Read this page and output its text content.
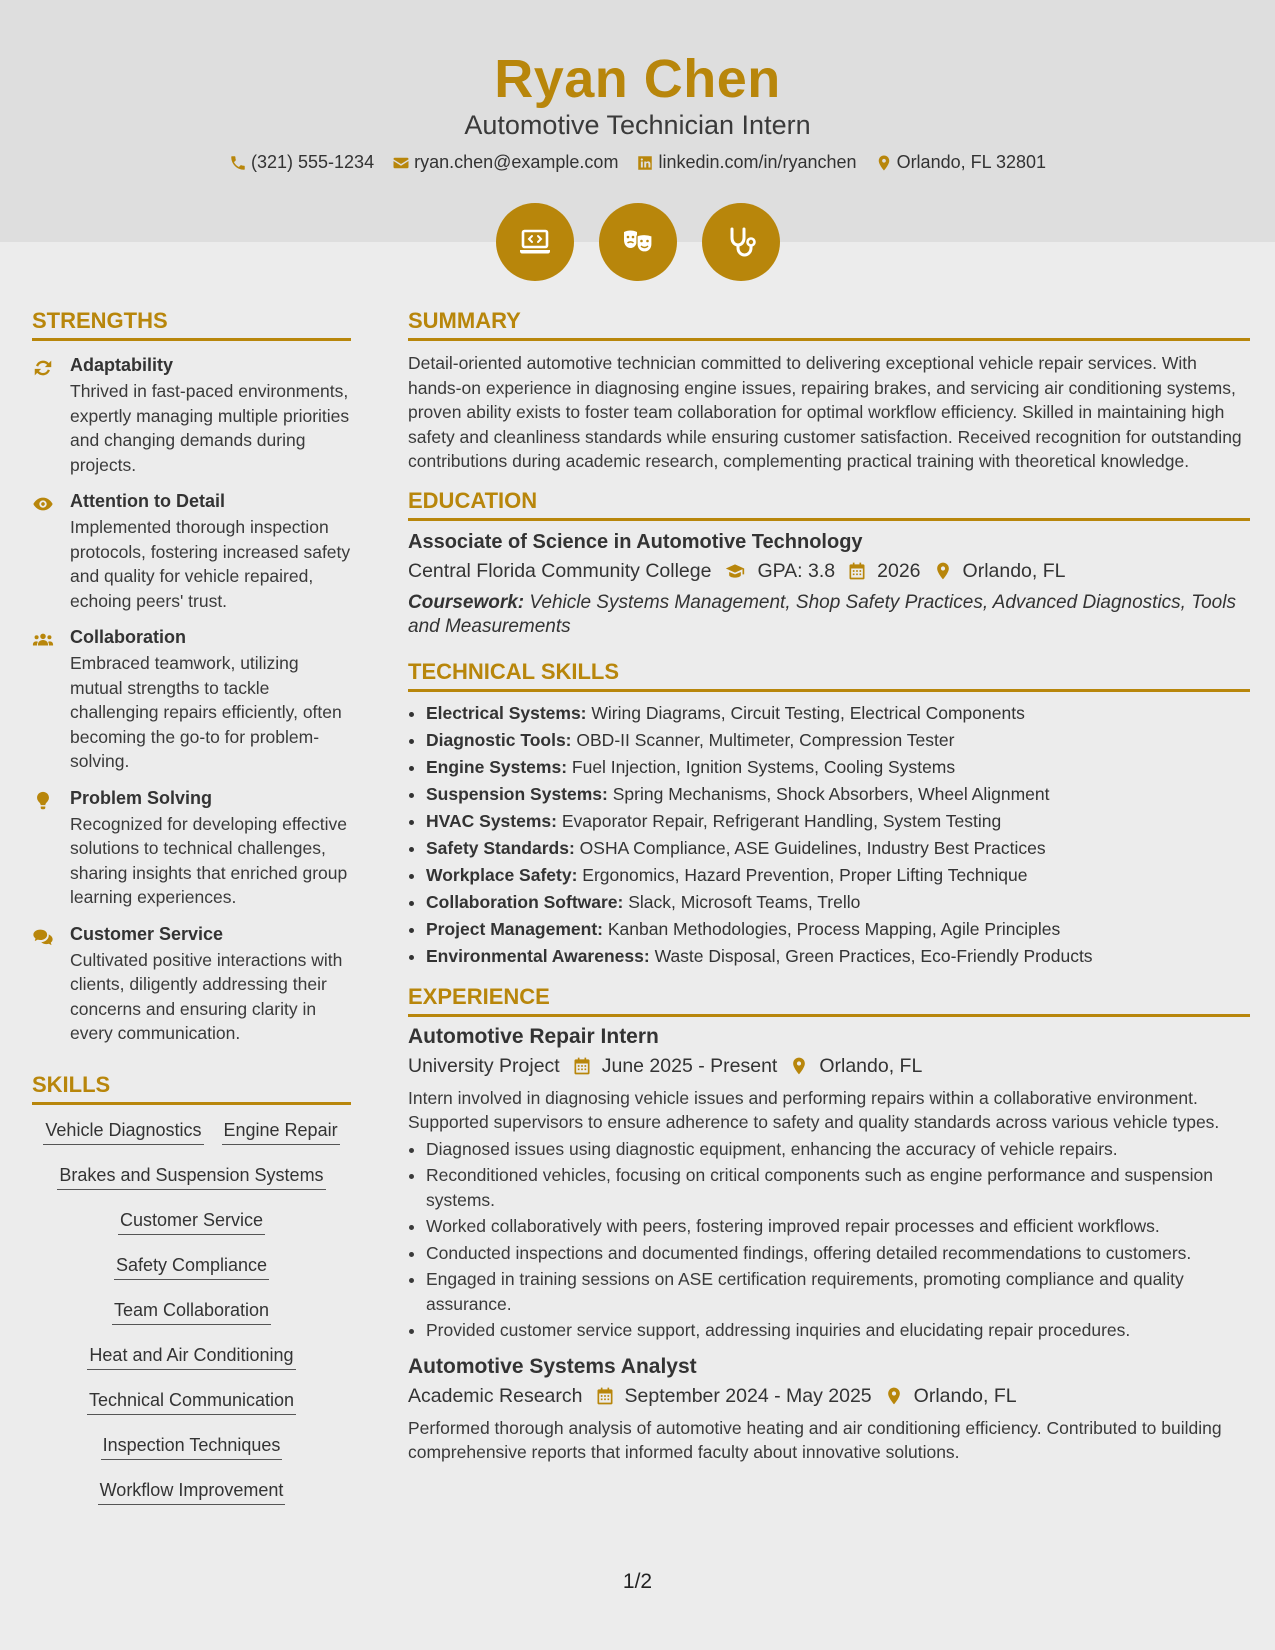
Ryan Chen
Automotive Technician Intern
(321) 555-1234 ryan.chen@example.com linkedin.com/in/ryanchen Orlando, FL 32801
STRENGTHS
Adaptability
Thrived in fast-paced environments, expertly managing multiple priorities and changing demands during projects.
Attention to Detail
Implemented thorough inspection protocols, fostering increased safety and quality for vehicle repaired, echoing peers' trust.
Collaboration
Embraced teamwork, utilizing mutual strengths to tackle challenging repairs efficiently, often becoming the go-to for problem-solving.
Problem Solving
Recognized for developing effective solutions to technical challenges, sharing insights that enriched group learning experiences.
Customer Service
Cultivated positive interactions with clients, diligently addressing their concerns and ensuring clarity in every communication.
SKILLS
Vehicle Diagnostics Engine Repair
Brakes and Suspension Systems
Customer Service
Safety Compliance
Team Collaboration
Heat and Air Conditioning
Technical Communication
Inspection Techniques
Workflow Improvement
SUMMARY
Detail-oriented automotive technician committed to delivering exceptional vehicle repair services. With hands-on experience in diagnosing engine issues, repairing brakes, and servicing air conditioning systems, proven ability exists to foster team collaboration for optimal workflow efficiency. Skilled in maintaining high safety and cleanliness standards while ensuring customer satisfaction. Received recognition for outstanding contributions during academic research, complementing practical training with theoretical knowledge.
EDUCATION
Associate of Science in Automotive Technology
Central Florida Community College GPA: 3.8 2026 Orlando, FL
Coursework: Vehicle Systems Management, Shop Safety Practices, Advanced Diagnostics, Tools and Measurements
TECHNICAL SKILLS
• Electrical Systems: Wiring Diagrams, Circuit Testing, Electrical Components
• Diagnostic Tools: OBD-II Scanner, Multimeter, Compression Tester
• Engine Systems: Fuel Injection, Ignition Systems, Cooling Systems
• Suspension Systems: Spring Mechanisms, Shock Absorbers, Wheel Alignment
• HVAC Systems: Evaporator Repair, Refrigerant Handling, System Testing
• Safety Standards: OSHA Compliance, ASE Guidelines, Industry Best Practices
• Workplace Safety: Ergonomics, Hazard Prevention, Proper Lifting Technique
• Collaboration Software: Slack, Microsoft Teams, Trello
• Project Management: Kanban Methodologies, Process Mapping, Agile Principles
• Environmental Awareness: Waste Disposal, Green Practices, Eco-Friendly Products
EXPERIENCE
Automotive Repair Intern
University Project June 2025 - Present Orlando, FL
Intern involved in diagnosing vehicle issues and performing repairs within a collaborative environment. Supported supervisors to ensure adherence to safety and quality standards across various vehicle types.
• Diagnosed issues using diagnostic equipment, enhancing the accuracy of vehicle repairs.
• Reconditioned vehicles, focusing on critical components such as engine performance and suspension systems.
• Worked collaboratively with peers, fostering improved repair processes and efficient workflows.
• Conducted inspections and documented findings, offering detailed recommendations to customers.
• Engaged in training sessions on ASE certification requirements, promoting compliance and quality assurance.
• Provided customer service support, addressing inquiries and elucidating repair procedures.
Automotive Systems Analyst
Academic Research September 2024 - May 2025 Orlando, FL
Performed thorough analysis of automotive heating and air conditioning efficiency. Contributed to building comprehensive reports that informed faculty about innovative solutions.
1/2
